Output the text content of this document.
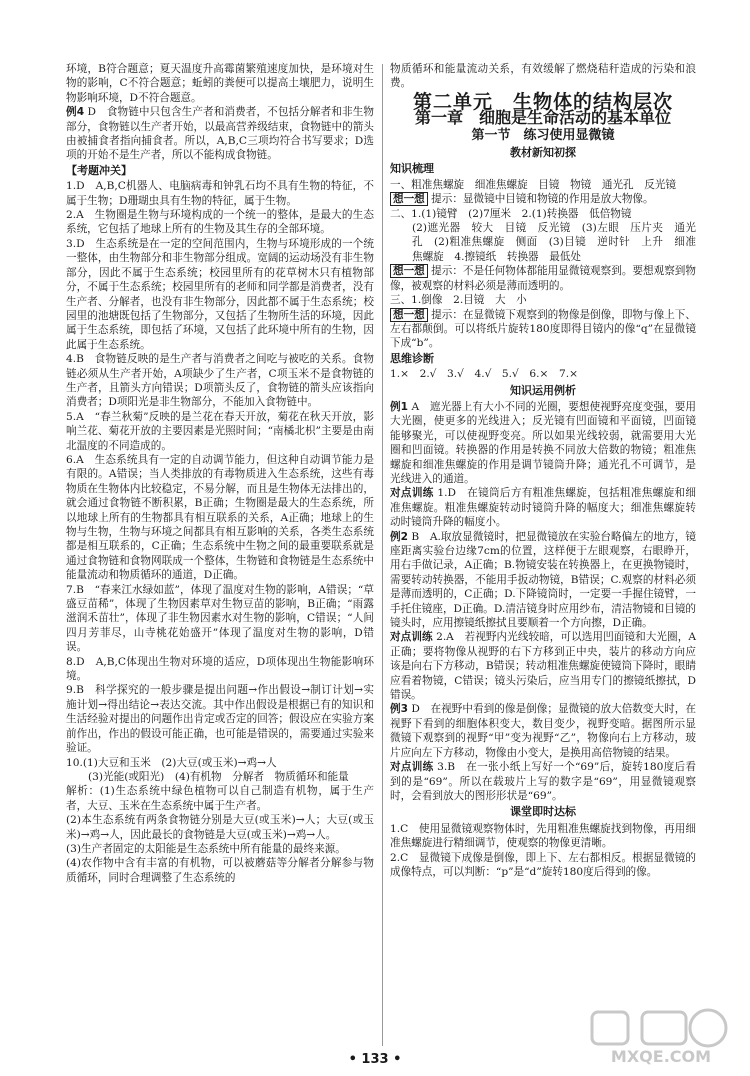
环境，B符合题意；夏天温度升高霉菌繁殖速度加快，是环境对生物的影响，C不符合题意；蚯蚓的粪便可以提高土壤肥力，说明生物影响环境，D不符合题意。

例4 D　食物链中只包含生产者和消费者，不包括分解者和非生物部分，食物链以生产者开始，以最高营养级结束，食物链中的箭头由被捕食者指向捕食者。所以，A,B,C三项均符合书写要求；D选项的开始不是生产者，所以不能构成食物链。

【考题冲关】

1.D　A,B,C机器人、电脑病毒和钟乳石均不具有生物的特征，不属于生物；D珊瑚虫具有生物的特征，属于生物。

2.A　生物圈是生物与环境构成的一个统一的整体，是最大的生态系统，它包括了地球上所有的生物及其生存的全部环境。

3.D　生态系统是在一定的空间范围内，生物与环境形成的一个统一整体，由生物部分和非生物部分组成。宽阔的运动场没有非生物部分，因此不属于生态系统；校园里所有的花草树木只有植物部分，不属于生态系统；校园里所有的老师和同学都是消费者，没有生产者、分解者，也没有非生物部分，因此都不属于生态系统；校园里的池塘既包括了生物部分，又包括了生物所生活的环境，因此属于生态系统，即包括了环境，又包括了此环境中所有的生物，因此属于生态系统。

4.B　食物链反映的是生产者与消费者之间吃与被吃的关系。食物链必须从生产者开始，A项缺少了生产者，C项玉米不是食物链的生产者，且箭头方向错误；D项箭头反了，食物链的箭头应该指向消费者；D项阳光是非生物部分，不能加入食物链中。

5.A　“春兰秋菊”反映的是兰花在春天开放，菊花在秋天开放，影响兰花、菊花开放的主要因素是光照时间；“南橘北枳”主要是由南北温度的不同造成的。

6.A　生态系统具有一定的自动调节能力，但这种自动调节能力是有限的。A错误；当人类排放的有毒物质进入生态系统，这些有毒物质在生物体内比较稳定，不易分解，而且是生物体无法排出的，就会通过食物链不断积累，B正确；生物圈是最大的生态系统，所以地球上所有的生物都具有相互联系的关系，A正确；地球上的生物与生物，生物与环境之间都具有相互影响的关系，各类生态系统都是相互联系的，C正确；生态系统中生物之间的最重要联系就是通过食物链和食物网联成一个整体，生物链和食物链是生态系统中能量流动和物质循环的通道，D正确。

7.B　“春来江水绿如蓝”，体现了温度对生物的影响，A错误；“草盛豆苗稀”，体现了生物因素草对生物豆苗的影响，B正确；“雨露滋润禾苗壮”，体现了非生物因素水对生物的影响，C错误；“人间四月芳菲尽，山寺桃花始盛开”体现了温度对生物的影响，D错误。

8.D　A,B,C体现出生物对环境的适应，D项体现出生物能影响环境。

9.B　科学探究的一般步骤是提出问题→作出假设→制订计划→实施计划→得出结论→表达交流。其中作出假设是根据已有的知识和生活经验对提出的问题作出肯定或否定的回答；假设应在实验方案前作出，作出的假设可能正确，也可能是错误的，需要通过实验来验证。

10.(1)大豆和玉米　(2)大豆(或玉米)→鸡→人

(3)光能(或阳光)　(4)有机物　分解者　物质循环和能量

解析：(1)生态系统中绿色植物可以自己制造有机物，属于生产者，大豆、玉米在生态系统中属于生产者。

(2)本生态系统有两条食物链分别是大豆(或玉米)→人；大豆(或玉米)→鸡→人，因此最长的食物链是大豆(或玉米)→鸡→人。

(3)生产者固定的太阳能是生态系统中所有能量的最终来源。

(4)农作物中含有丰富的有机物，可以被蘑菇等分解者分解参与物质循环，同时合理调整了生态系统的

物质循环和能量流动关系，有效缓解了燃烧秸秆造成的污染和浪费。

第二单元　生物体的结构层次
第一章　细胞是生命活动的基本单位
第一节　练习使用显微镜
教材新知初探
知识梳理

一、粗准焦螺旋　细准焦螺旋　目镜　物镜　通光孔　反光镜

想一想 提示：显微镜中目镜和物镜的作用是放大物像。

二、1.(1)镜臂　(2)7厘米　2.(1)转换器　低倍物镜

(2)遮光器　较大　目镜　反光镜　(3)左眼　压片夹　通光孔　(2)粗准焦螺旋　侧面　(3)目镜　逆时针　上升　细准焦螺旋　4.擦镜纸　转换器　最低处

想一想 提示：不是任何物体都能用显微镜观察到。要想观察到物像，被观察的材料必须是薄而透明的。

三、1.倒像　2.目镜　大　小

想一想 提示：在显微镜下观察到的物像是倒像，即物与像上下、左右都颠倒。可以将纸片旋转180度即得目镜内的像“q”在显微镜下成“b”。

思维诊断

1.×　2.√　3.√　4.√　5.√　6.×　7.×

知识运用例析

例1 A　遮光器上有大小不同的光圈，要想使视野亮度变强，要用大光圈，使更多的光线进入；反光镜有凹面镜和平面镜，凹面镜能够聚光，可以使视野变亮。所以如果光线较弱，就需要用大光圈和凹面镜。转换器的作用是转换不同放大倍数的物镜；粗准焦螺旋和细准焦螺旋的作用是调节镜筒升降；通光孔不可调节，是光线进入的通道。

对点训练 1.D　在镜筒后方有粗准焦螺旋，包括粗准焦螺旋和细准焦螺旋。粗准焦螺旋转动时镜筒升降的幅度大；细准焦螺旋转动时镜筒升降的幅度小。

例2 B　A.取放显微镜时，把显微镜放在实验台略偏左的地方，镜座距离实验台边缘7cm的位置，这样便于左眼观察，右眼睁开，用右手做记录，A正确；B.物镜安装在转换器上，在更换物镜时，需要转动转换器，不能用手扳动物镜，B错误；C.观察的材料必须是薄而透明的，C正确；D.下降镜筒时，一定要一手握住镜臂，一手托住镜座，D正确。D.清洁镜身时应用纱布，清洁物镜和目镜的镜头时，应用擦镜纸擦拭且要顺着一个方向擦，D正确。

对点训练 2.A　若视野内光线较暗，可以选用凹面镜和大光圈，A正确；要将物像从视野的右下方移到正中央，装片的移动方向应该是向右下方移动，B错误；转动粗准焦螺旋使镜筒下降时，眼睛应看着物镜，C错误；镜头污染后，应当用专门的擦镜纸擦拭，D错误。

例3 D　在视野中看到的像是倒像；显微镜的放大倍数变大时，在视野下看到的细胞体积变大，数目变少，视野变暗。据图所示显微镜下观察到的视野“甲”变为视野“乙”，物像向右上方移动，玻片应向左下方移动，物像由小变大，是换用高倍物镜的结果。

对点训练 3.B　在一张小纸上写好一个“69”后，旋转180度后看到的是“69”。所以在载玻片上写的数字是“69”，用显微镜观察时，会看到放大的图形形状是“69”。

课堂即时达标

1.C　使用显微镜观察物体时，先用粗准焦螺旋找到物像，再用细准焦螺旋进行精细调节，使观察的物像更清晰。

2.C　显微镜下成像是倒像，即上下、左右都相反。根据显微镜的成像特点，可以判断：“p”是“d”旋转180度后得到的像。

• 133 •	MXQE.COM
